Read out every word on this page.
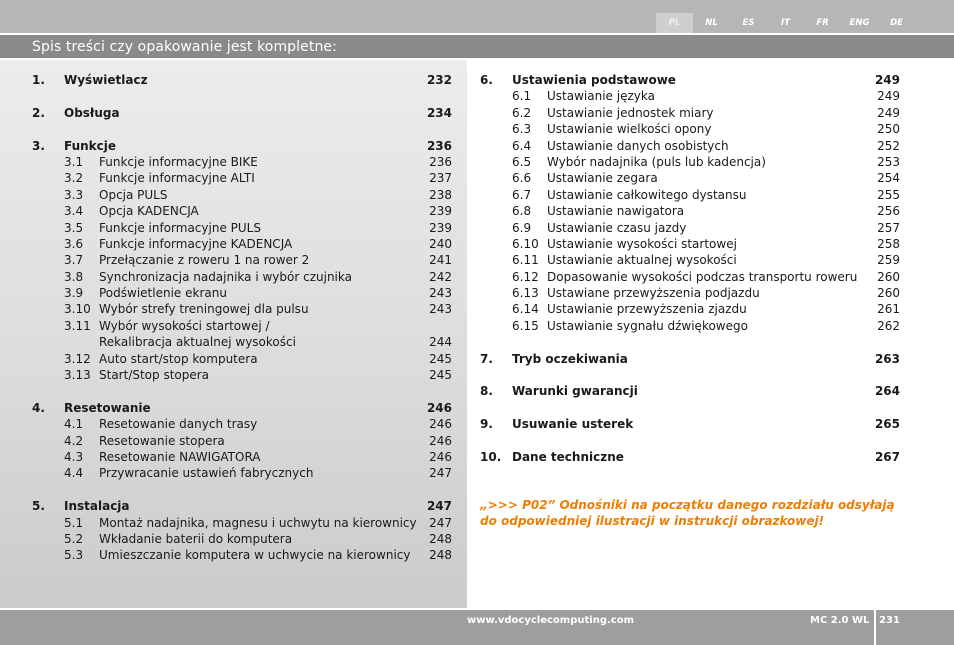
PL	NL	ES	IT	FR	ENG	DE
Spis treści czy opakowanie jest kompletne:
1. Wyświetlacz	232
2. Obsługa	234
3. Funkcje	236
3.1 Funkcje informacyjne BIKE	236
3.2 Funkcje informacyjne ALTI	237
3.3 Opcja PULS	238
3.4 Opcja KADENCJA	239
3.5 Funkcje informacyjne PULS	239
3.6 Funkcje informacyjne KADENCJA	240
3.7 Przełączanie z roweru 1 na rower 2	241
3.8 Synchronizacja nadajnika i wybór czujnika	242
3.9 Podświetlenie ekranu	243
3.10 Wybór strefy treningowej dla pulsu	243
3.11 Wybór wysokości startowej /
Rekalibracja aktualnej wysokości	244
3.12 Auto start/stop komputera	245
3.13 Start/Stop stopera	245
4. Resetowanie	246
4.1 Resetowanie danych trasy	246
4.2 Resetowanie stopera	246
4.3 Resetowanie NAWIGATORA	246
4.4 Przywracanie ustawień fabrycznych	247
5. Instalacja	247
5.1 Montaż nadajnika, magnesu i uchwytu na kierownicy 247
5.2 Wkładanie baterii do komputera	248
5.3 Umieszczanie komputera w uchwycie na kierownicy 248
6. Ustawienia podstawowe	249
6.1 Ustawianie języka	249
6.2 Ustawianie jednostek miary	249
6.3 Ustawianie wielkości opony	250
6.4 Ustawianie danych osobistych	252
6.5 Wybór nadajnika (puls lub kadencja)	253
6.6 Ustawianie zegara	254
6.7 Ustawianie całkowitego dystansu	255
6.8 Ustawianie nawigatora	256
6.9 Ustawianie czasu jazdy	257
6.10 Ustawianie wysokości startowej	258
6.11 Ustawianie aktualnej wysokości	259
6.12 Dopasowanie wysokości podczas transportu roweru 260
6.13 Ustawiane przewyższenia podjazdu	260
6.14 Ustawianie przewyższenia zjazdu	261
6.15 Ustawianie sygnału dźwiękowego	262
7. Tryb oczekiwania	263
8. Warunki gwarancji	264
9. Usuwanie usterek	265
10. Dane techniczne	267
„>>> P02” Odnośniki na początku danego rozdziału odsyłają do odpowiedniej ilustracji w instrukcji obrazkowej!
www.vdocyclecomputing.com	MC 2.0 WL 231
